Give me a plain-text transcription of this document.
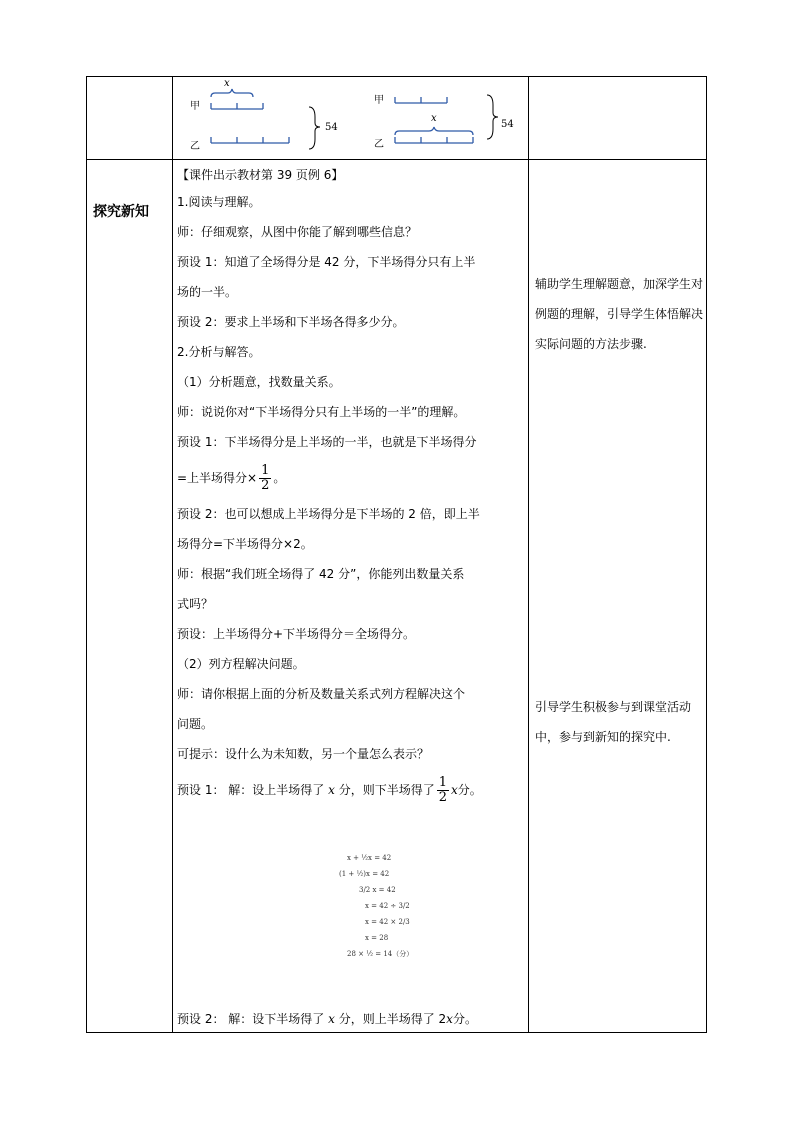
甲
乙
x
54
甲
乙
x
54
探究新知
【课件出示教材第 39 页例 6】
1.阅读与理解。
师：仔细观察，从图中你能了解到哪些信息？
预设 1：知道了全场得分是 42 分，下半场得分只有上半
场的一半。
预设 2：要求上半场和下半场各得多少分。
2.分析与解答。
（1）分析题意，找数量关系。
师：说说你对“下半场得分只有上半场的一半”的理解。
预设 1：下半场得分是上半场的一半，也就是下半场得分
=上半场得分× $\frac{1}{2}$ 。
预设 2：也可以想成上半场得分是下半场的 2 倍，即上半
场得分=下半场得分×2。
师：根据“我们班全场得了 42 分”，你能列出数量关系
式吗？
预设：上半场得分+下半场得分＝全场得分。
（2）列方程解决问题。
师：请你根据上面的分析及数量关系式列方程解决这个
问题。
可提示：设什么为未知数，另一个量怎么表示？
预设 1： 解：设上半场得了 x 分，则下半场得了 $\frac{1}{2}$ x分。
x + ½x = 42
(1 + ½)x = 42
3/2 x = 42
x = 42 ÷ 3/2
x = 42 × 2/3
x = 28
28 × ½ = 14（分）
预设 2： 解：设下半场得了 x 分，则上半场得了 2x分。
辅助学生理解题意，加深学生对例题的理解，引导学生体悟解决实际问题的方法步骤.
引导学生积极参与到课堂活动中，参与到新知的探究中.
